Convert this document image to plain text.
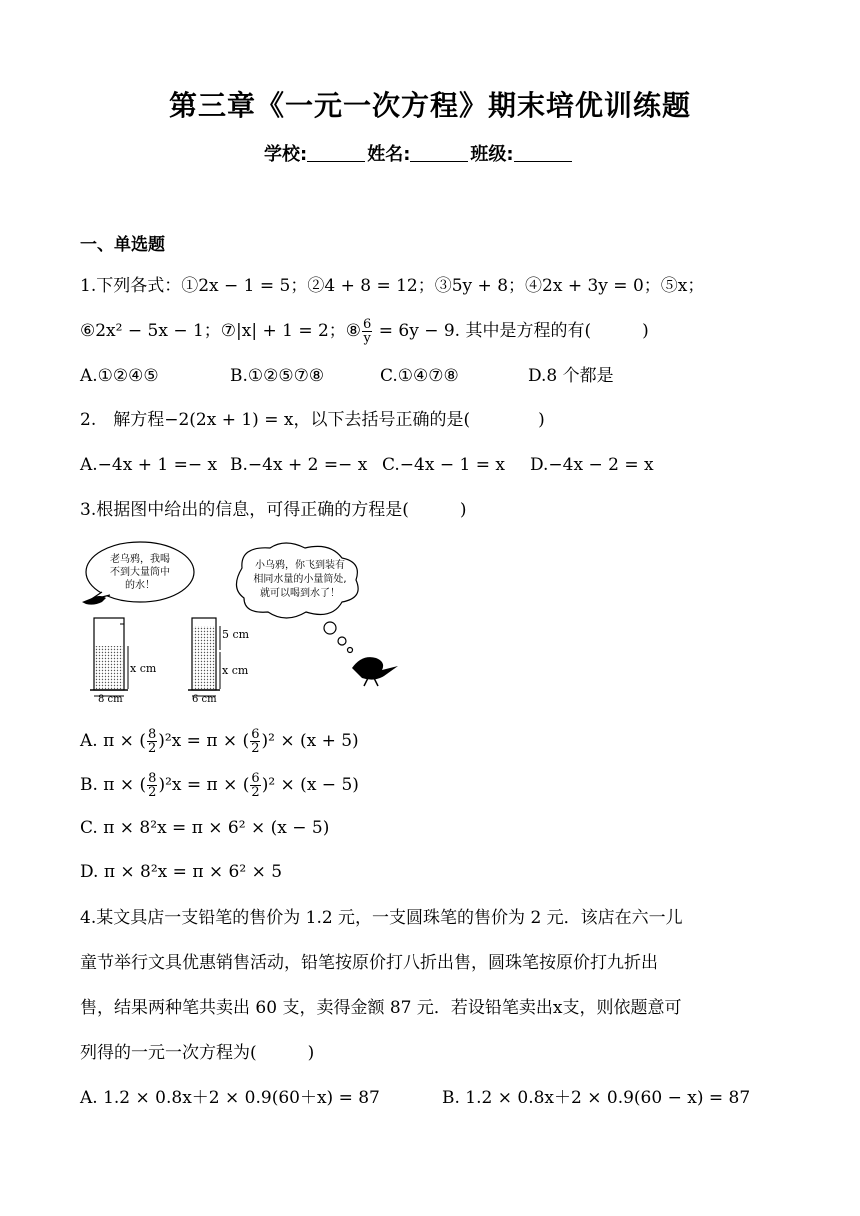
第三章《一元一次方程》期末培优训练题
学校:	姓名:	班级:
一、单选题
1.下列各式：①2x − 1 = 5；②4 + 8 = 12；③5y + 8；④2x + 3y = 0；⑤x；
⑥2x² − 5x − 1；⑦|x| + 1 = 2；⑧ $\frac{6}{y} = 6y - 9$. 其中是方程的有(　　　)
A.①②④⑤	B.①②⑤⑦⑧	C.①④⑦⑧	D.8 个都是
2.　解方程−2(2x + 1) = x，以下去括号正确的是(　　　　)
A.−4x + 1 =− x B.−4x + 2 =− x C.−4x − 1 = x D.−4x − 2 = x
3.根据图中给出的信息，可得正确的方程是(　　　)
老乌鸦，我喝
不到大量筒中
的水！
小乌鸦，你飞到装有
相同水量的小量筒处,
就可以喝到水了！
x cm
8 cm
5 cm
x cm
6 cm
A. π × ( $\frac{8}{2} )^2x = \pi$ × ( $\frac{6}{2} )^2 \times (x + 5)$
B. π × ( $\frac{8}{2} )^2x = \pi$ × ( $\frac{6}{2} )^2 \times (x - 5)$
C. π × 8²x = π × 6² × (x − 5)
D. π × 8²x = π × 6² × 5
4.某文具店一支铅笔的售价为 1.2 元，一支圆珠笔的售价为 2 元．该店在六一儿
童节举行文具优惠销售活动，铅笔按原价打八折出售，圆珠笔按原价打九折出
售，结果两种笔共卖出 60 支，卖得金额 87 元．若设铅笔卖出x支，则依题意可
列得的一元一次方程为(　　　)
A. 1.2 × 0.8x＋2 × 0.9(60＋x) = 87	B. 1.2 × 0.8x＋2 × 0.9(60 − x) = 87
